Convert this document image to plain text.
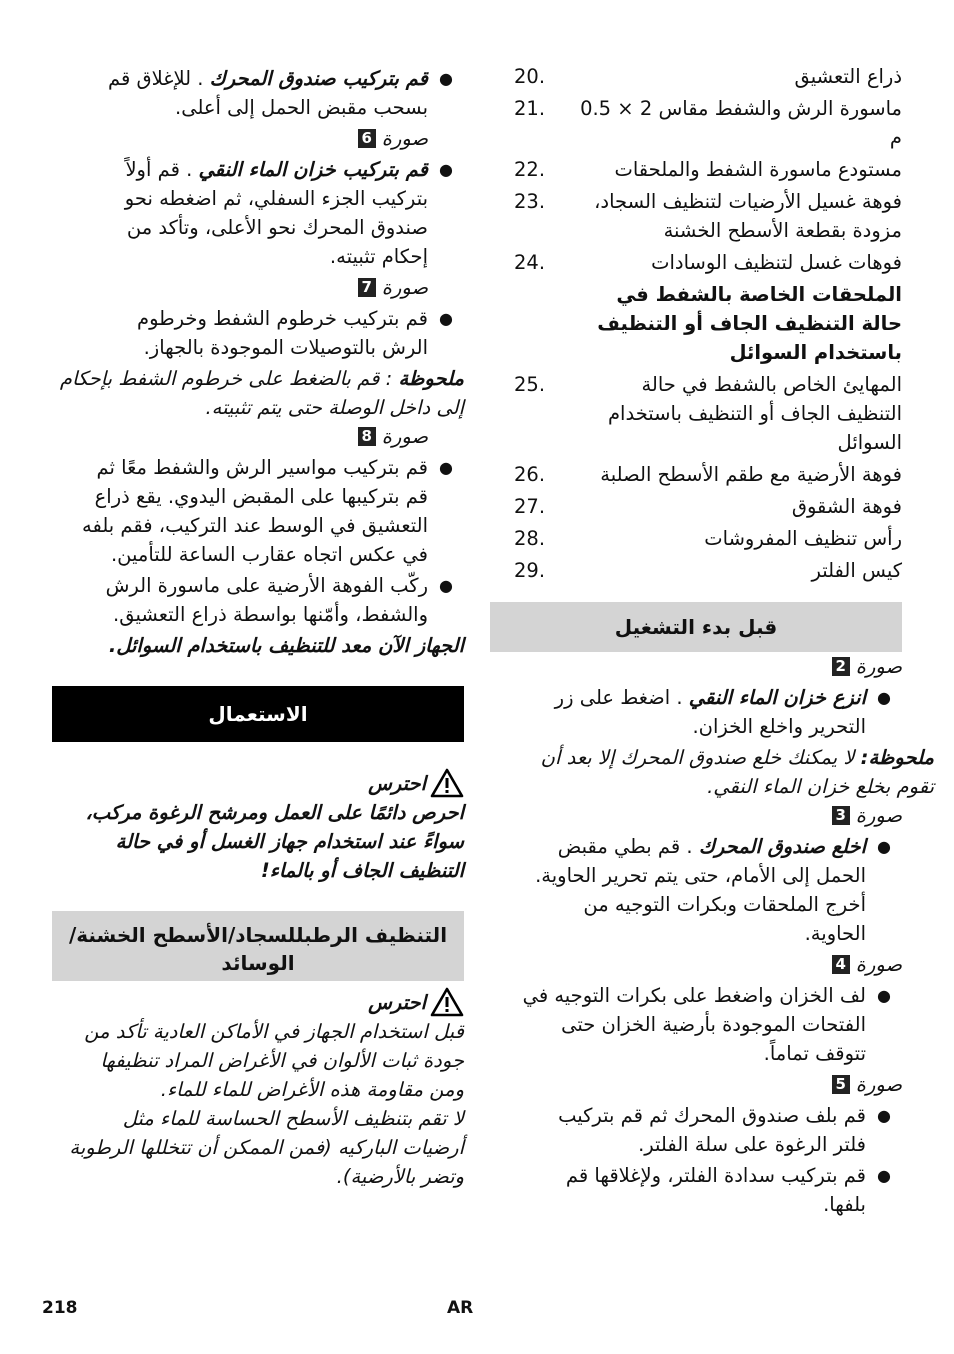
ذراع التعشيق
20.
ماسورة الرش والشفط مقاس 2 × 0.5 م
21.
مستودع ماسورة الشفط والملحقات
22.
فوهة غسيل الأرضيات لتنظيف السجاد، مزودة بقطعة الأسطح الخشنة
23.
فوهات غسل لتنظيف الوسادات
24.
الملحقات الخاصة بالشفط في حالة التنظيف الجاف أو التنظيف باستخدام السوائل
المهايئ الخاص بالشفط في حالة التنظيف الجاف أو التنظيف باستخدام السوائل
25.
فوهة الأرضية مع طقم الأسطح الصلبة
26.
فوهة الشقوق
27.
رأس تنظيف المفروشات
28.
كيس الفلتر
29.
قبل بدء التشغيل
صورة
2
●
انزع خزان الماء النقي . اضغط على زر التحرير واخلع الخزان.
ملحوظة: لا يمكنك خلع صندوق المحرك إلا بعد أن تقوم بخلع خزان الماء النقي.
صورة
3
●
اخلع صندوق المحرك . قم بطي مقبض الحمل إلى الأمام، حتى يتم تحرير الحاوية.
أخرج الملحقات وبكرات التوجيه من الحاوية.
صورة
4
●
لف الخزان واضغط على بكرات التوجيه في الفتحات الموجودة بأرضية الخزان حتى تتوقف تماماً.
صورة
5
●
قم بلف صندوق المحرك ثم قم بتركيب فلتر الرغوة على سلة الفلتر.
●
قم بتركيب سدادة الفلتر، ولإغلاقها قم بلفها.
●
قم بتركيب صندوق المحرك . للإغلاق قم بسحب مقبض الحمل إلى أعلى.
صورة
6
●
قم بتركيب خزان الماء النقي . قم أولاً بتركيب الجزء السفلي، ثم اضغطه نحو صندوق المحرك نحو الأعلى، وتأكد من إحكام تثبيته.
صورة
7
●
قم بتركيب خرطوم الشفط وخرطوم الرش بالتوصيلات الموجودة بالجهاز.
ملحوظة : قم بالضغط على خرطوم الشفط بإحكام إلى داخل الوصلة حتى يتم تثبيته.
صورة
8
●
قم بتركيب مواسير الرش والشفط معًا ثم قم بتركيبها على المقبض اليدوي. يقع ذراع التعشيق في الوسط عند التركيب، فقم بلفه في عكس اتجاه عقارب الساعة للتأمين.
●
ركّب الفوهة الأرضية على ماسورة الرش والشفط، وأمّنها بواسطة ذراع التعشيق.
الجهاز الآن معد للتنظيف باستخدام السوائل.
الاستعمال
احترس
احرص دائمًا على العمل ومرشح الرغوة مركب، سواءً عند استخدام جهاز الغسل أو في حالة التنظيف الجاف أو بالماء!
التنظيف الرطبللسجاد/الأسطح الخشنة/الوسائد
احترس
قبل استخدام الجهاز في الأماكن العادية تأكد من جودة ثبات الألوان في الأغراض المراد تنظيفها ومن مقاومة هذه الأغراض للماء للماء.
لا تقم بتنظيف الأسطح الحساسة للماء مثل أرضيات الباركيه (فمن الممكن أن تتخللها الرطوبة وتضر بالأرضية).
218	AR
